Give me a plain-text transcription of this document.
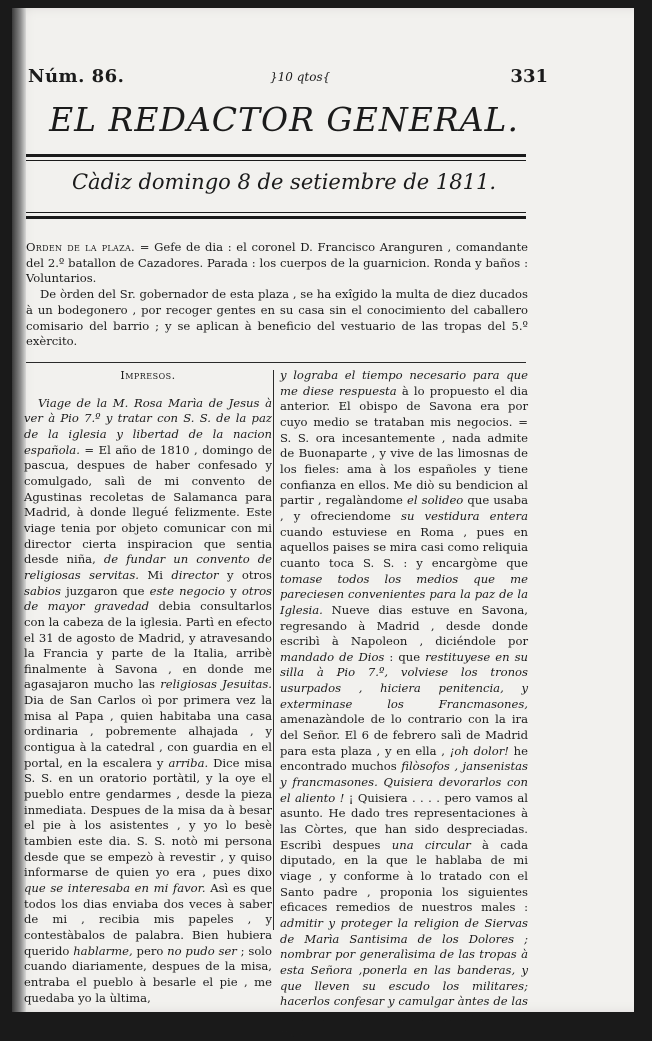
Núm. 86.	}10 qtos{	331
EL REDACTOR GENERAL.
Càdiz domingo 8 de setiembre de 1811.

Orden de la plaza. = Gefe de dia : el coronel D. Francisco Aranguren , comandante del 2.º batallon de Cazadores. Parada : los cuerpos de la guarnicion. Ronda y baños : Voluntarios.

De òrden del Sr. gobernador de esta plaza , se ha exîgido la multa de diez ducados à un bodegonero , por recoger gentes en su casa sin el conocimiento del caballero comisario del barrio ; y se aplican à beneficio del vestuario de las tropas del 5.º exèrcito.

Impresos.

Viage de la M. Rosa Marìa de Jesus à ver à Pio 7.º y tratar con S. S. de la paz de la iglesia y libertad de la nacion española. = El año de 1810 , domingo de pascua, despues de haber confesado y comulgado, salì de mi convento de Agustinas recoletas de Salamanca para Madrid, à donde llegué felizmente. Este viage tenia por objeto comunicar con mi director cierta inspiracion que sentia desde niña, de fundar un convento de religiosas servitas. Mi director y otros sabios juzgaron que este negocio y otros de mayor gravedad debia consultarlos con la cabeza de la iglesia. Partì en efecto el 31 de agosto de Madrid, y atravesando la Francia y parte de la Italia, arribè finalmente à Savona , en donde me agasajaron mucho las religiosas Jesuitas. Dia de San Carlos oì por primera vez la misa al Papa , quien habitaba una casa ordinaria , pobremente alhajada , y contigua à la catedral , con guardia en el portal, en la escalera y arriba. Dice misa S. S. en un oratorio portàtil, y la oye el pueblo entre gendarmes , desde la pieza inmediata. Despues de la misa da à besar el pie à los asistentes , y yo lo besè tambien este dia. S. S. notò mi persona desde que se empezò à revestir , y quiso informarse de quien yo era , pues dixo que se interesaba en mi favor. Asì es que todos los dias enviaba dos veces à saber de mi , recibia mis papeles , y contestàbalos de palabra. Bien hubiera querido hablarme, pero no pudo ser ; solo cuando diariamente, despues de la misa, entraba el pueblo à besarle el pie , me quedaba yo la ùltima,

y lograba el tiempo necesario para que me diese respuesta à lo propuesto el dia anterior. El obispo de Savona era por cuyo medio se trataban mis negocios. = S. S. ora incesantemente , nada admite de Buonaparte , y vive de las limosnas de los fieles: ama à los españoles y tiene confianza en ellos. Me diò su bendicion al partir , regalàndome el solideo que usaba , y ofreciendome su vestidura entera cuando estuviese en Roma , pues en aquellos paises se mira casi como reliquia cuanto toca S. S. : y encargòme que tomase todos los medios que me pareciesen convenientes para la paz de la Iglesia. Nueve dias estuve en Savona, regresando à Madrid , desde donde escribì à Napoleon , diciéndole por mandado de Dios : que restituyese en su silla à Pio 7.º, volviese los tronos usurpados , hiciera penitencia, y exterminase los Francmasones, amenazàndole de lo contrario con la ira del Señor. El 6 de febrero salì de Madrid para esta plaza , y en ella , ¡oh dolor! he encontrado muchos filòsofos , jansenistas y francmasones. Quisiera devorarlos con el aliento ! ¡ Quisiera . . . . pero vamos al asunto. He dado tres representaciones à las Còrtes, que han sido despreciadas. Escribì despues una circular à cada diputado, en la que le hablaba de mi viage , y conforme à lo tratado con el Santo padre , proponia los siguientes eficaces remedios de nuestros males : admitir y proteger la religion de Siervas de Marìa Santisima de los Dolores ; nombrar por generalìsima de las tropas à esta Señora ,ponerla en las banderas, y que lleven su escudo los militares; hacerlos confesar y camulgar àntes de las batallas ; mandar un ayuno general de tres
